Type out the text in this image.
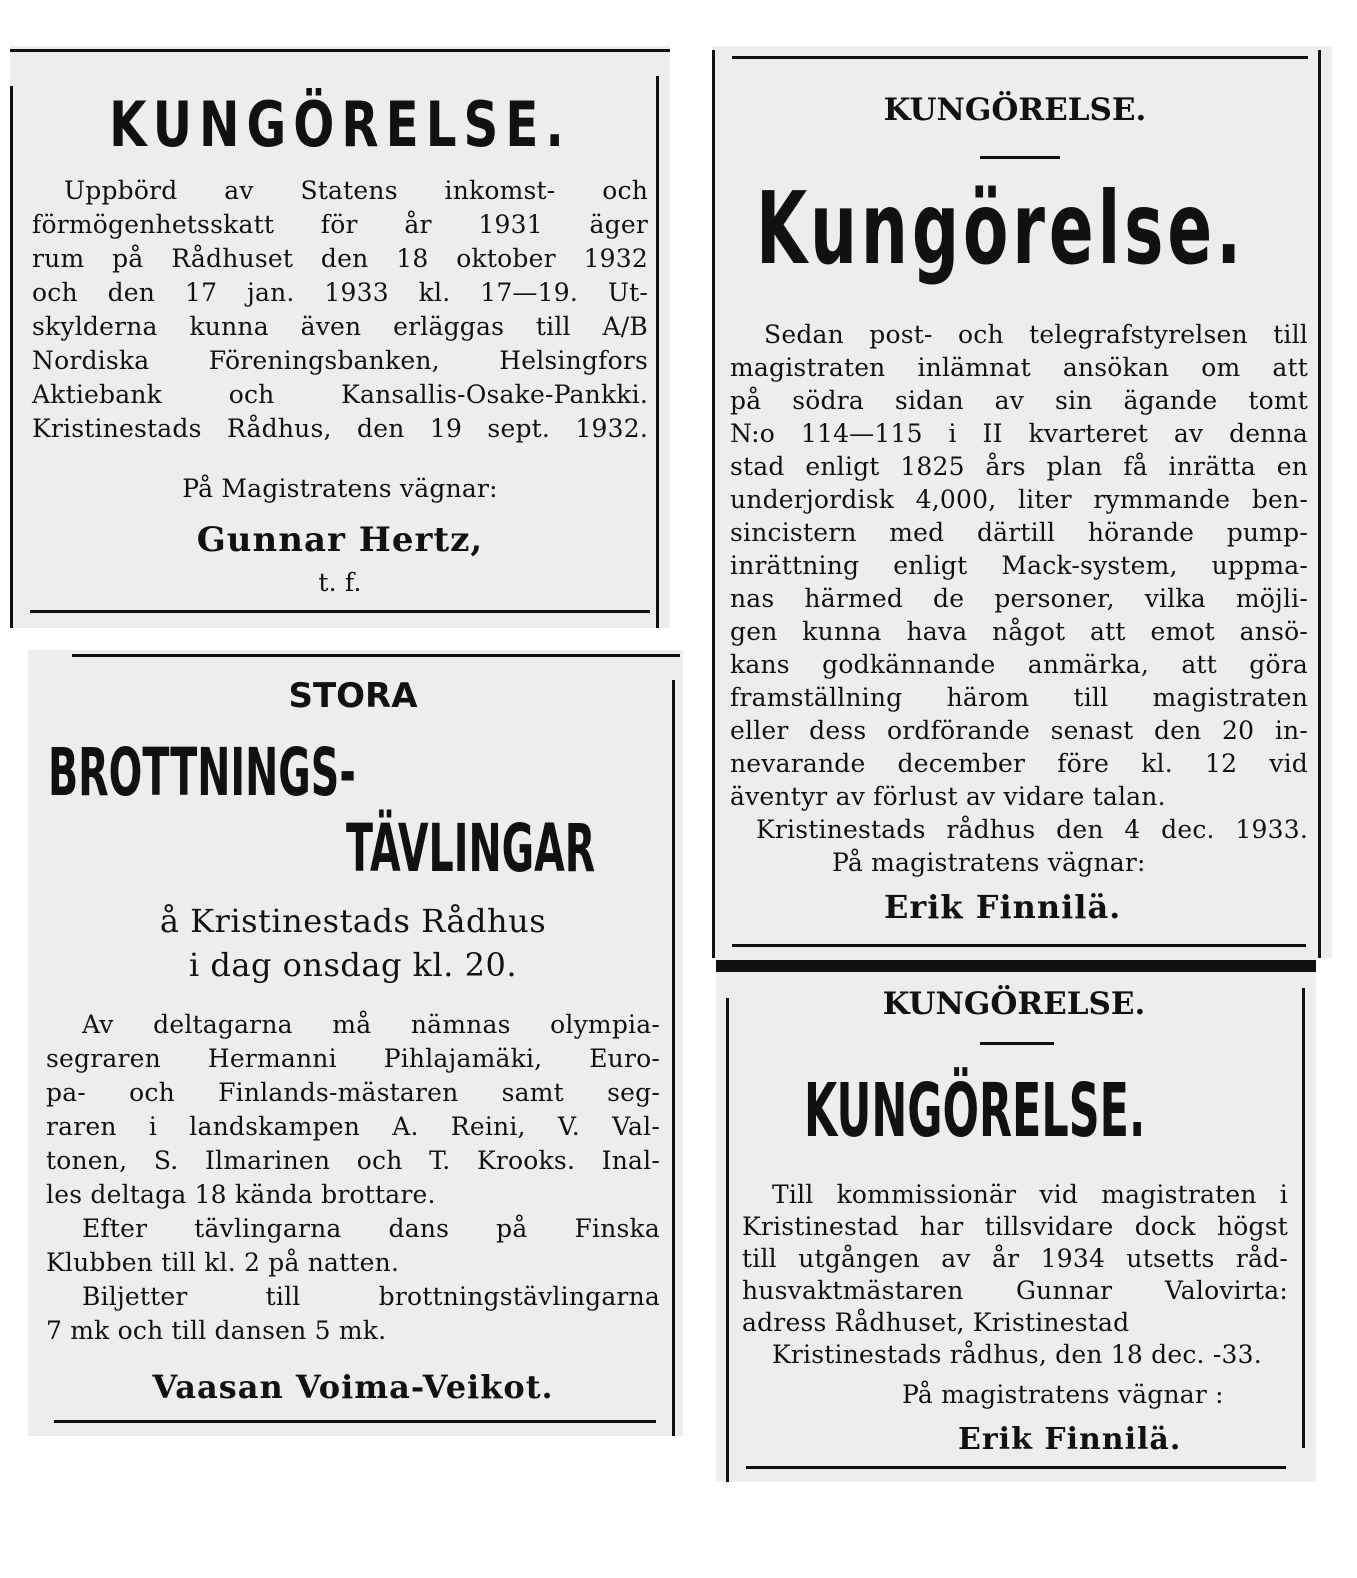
KUNGÖRELSE.
Uppbörd av Statens inkomst- och
förmögenhetsskatt för år 1931 äger
rum på Rådhuset den 18 oktober 1932
och den 17 jan. 1933 kl. 17—19. Ut-
skylderna kunna även erläggas till A/B
Nordiska Föreningsbanken, Helsingfors
Aktiebank och Kansallis-Osake-Pankki.
Kristinestads Rådhus, den 19 sept. 1932.
På Magistratens vägnar:
Gunnar Hertz,
t. f.
STORA
BROTTNINGS-
TÄVLINGAR
å Kristinestads Rådhus
i dag onsdag kl. 20.
Av deltagarna må nämnas olympia-
segraren Hermanni Pihlajamäki, Euro-
pa- och Finlands-mästaren samt seg-
raren i landskampen A. Reini, V. Val-
tonen, S. Ilmarinen och T. Krooks. Inal-
les deltaga 18 kända brottare.
Efter tävlingarna dans på Finska
Klubben till kl. 2 på natten.
Biljetter till brottningstävlingarna
7 mk och till dansen 5 mk.
Vaasan Voima-Veikot.
KUNGÖRELSE.
Kungörelse.
Sedan post- och telegrafstyrelsen till
magistraten inlämnat ansökan om att
på södra sidan av sin ägande tomt
N:o 114—115 i II kvarteret av denna
stad enligt 1825 års plan få inrätta en
underjordisk 4,000, liter rymmande ben-
sincistern med därtill hörande pump-
inrättning enligt Mack-system, uppma-
nas härmed de personer, vilka möjli-
gen kunna hava något att emot ansö-
kans godkännande anmärka, att göra
framställning härom till magistraten
eller dess ordförande senast den 20 in-
nevarande december före kl. 12 vid
äventyr av förlust av vidare talan.
Kristinestads rådhus den 4 dec. 1933.
På magistratens vägnar:
Erik Finnilä.
KUNGÖRELSE.
KUNGÖRELSE.
Till kommissionär vid magistraten i
Kristinestad har tillsvidare dock högst
till utgången av år 1934 utsetts råd-
husvaktmästaren Gunnar Valovirta:
adress Rådhuset, Kristinestad
Kristinestads rådhus, den 18 dec. -33.
På magistratens vägnar :
Erik Finnilä.
